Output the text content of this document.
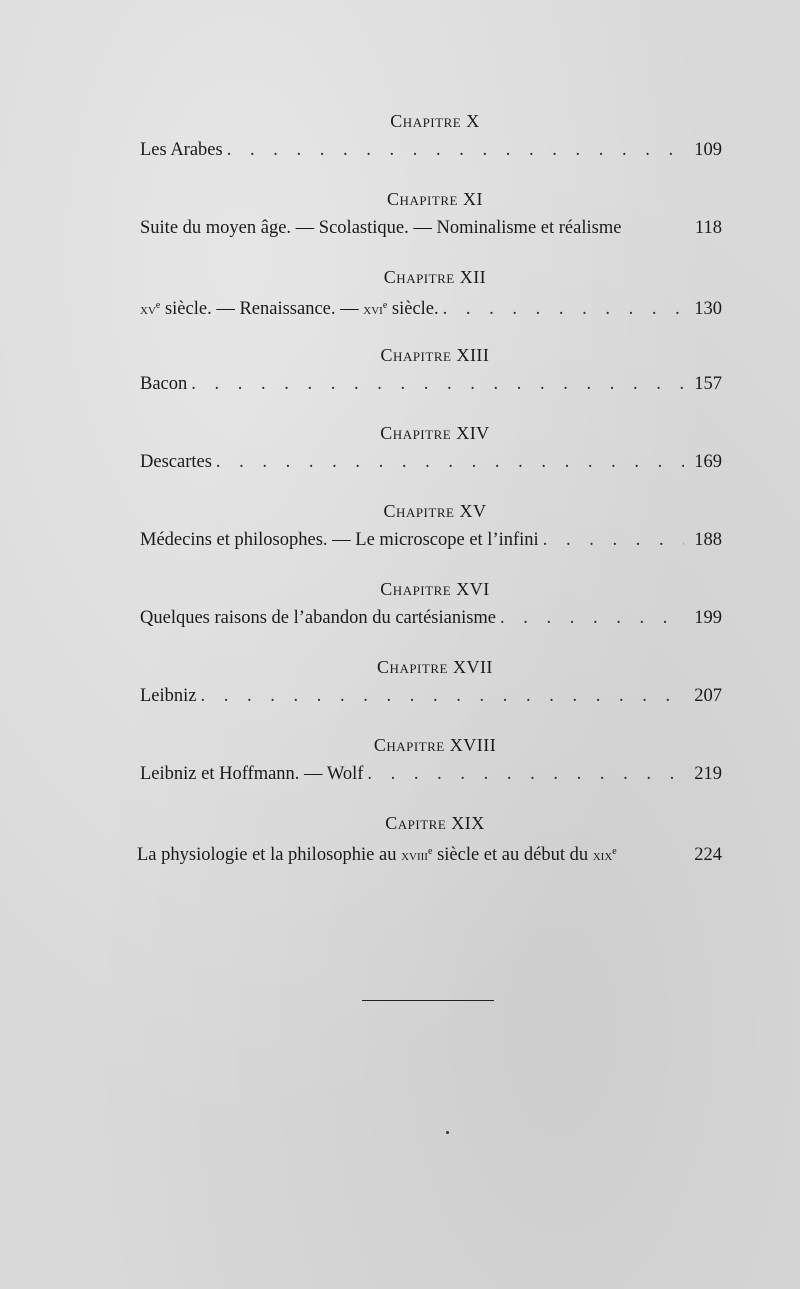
Chapitre X
Les Arabes . . .	109
Chapitre XI
Suite du moyen âge. — Scolastique. — Nominalisme et réalisme	118
Chapitre XII
$xv^e$ siècle. — Renaissance. — xvi$^e$ siècle. . . .	130
Chapitre XIII
Bacon . . .	157
Chapitre XIV
Descartes . . .	169
Chapitre XV
Médecins et philosophes. — Le microscope et l’infini . . .	188
Chapitre XVI
Quelques raisons de l’abandon du cartésianisme . . .	199
Chapitre XVII
Leibniz . . .	207
Chapitre XVIII
Leibniz et Hoffmann. — Wolf . . .	219
Capitre XIX
La physiologie et la philosophie au xviii$^e$ siècle et au début du xix$^e$	224
